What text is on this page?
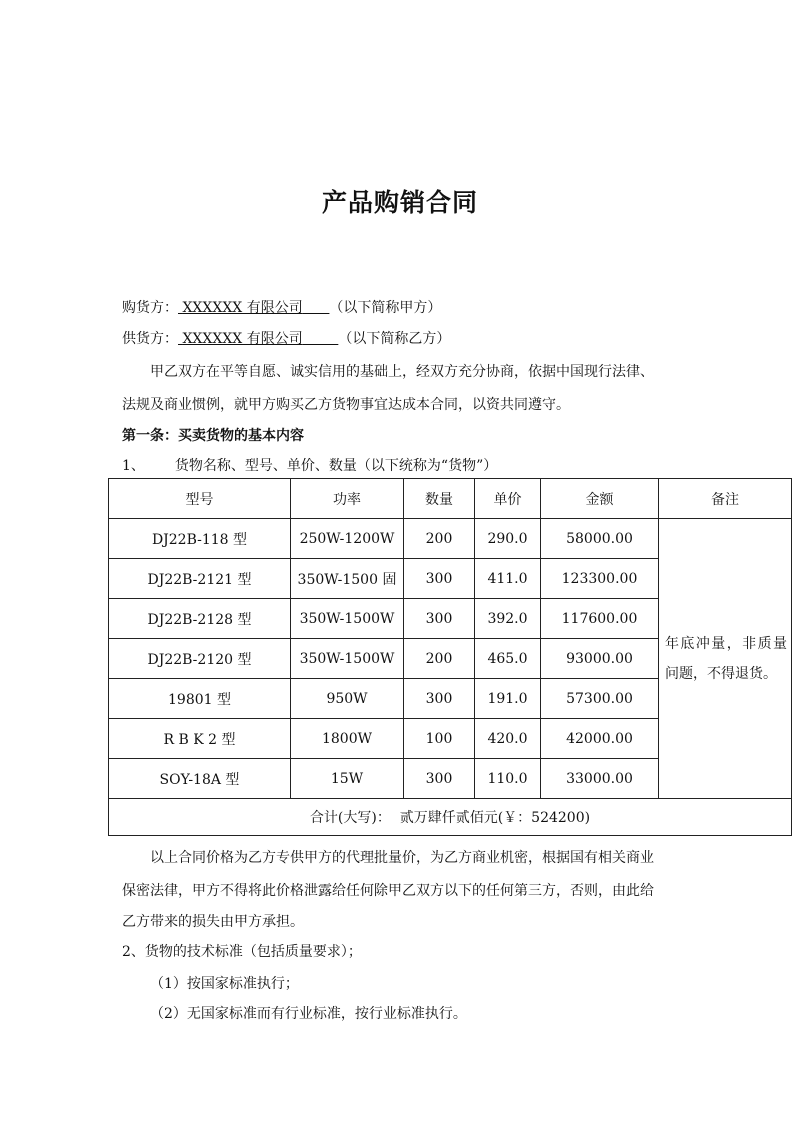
产品购销合同
购货方： XXXXXX 有限公司 （以下简称甲方）
供货方： XXXXXX 有限公司	（以下简称乙方）
甲乙双方在平等自愿、诚实信用的基础上，经双方充分协商，依据中国现行法律、
法规及商业惯例，就甲方购买乙方货物事宜达成本合同，以资共同遵守。
第一条：买卖货物的基本内容
1、 货物名称、型号、单价、数量（以下统称为“货物”）
型号	功率	数量	单价	金额	备注
DJ22B-118 型	250W-1200W	200	290.0	58000.00	年底冲量，非质量问题，不得退货。
DJ22B-2121 型	350W-1500 固	300	411.0	123300.00	
DJ22B-2128 型	350W-1500W	300	392.0	117600.00	
DJ22B-2120 型	350W-1500W	200	465.0	93000.00	
19801 型	950W	300	191.0	57300.00	
R B K 2 型	1800W	100	420.0	42000.00	
SOY-18A 型	15W	300	110.0	33000.00	
合计(大写)：  贰万肆仟贰佰元(￥：524200)					
以上合同价格为乙方专供甲方的代理批量价，为乙方商业机密，根据国有相关商业
保密法律，甲方不得将此价格泄露给任何除甲乙双方以下的任何第三方，否则，由此给
乙方带来的损失由甲方承担。
2、货物的技术标准（包括质量要求）；
（1）按国家标准执行；
（2）无国家标准而有行业标准，按行业标准执行。
